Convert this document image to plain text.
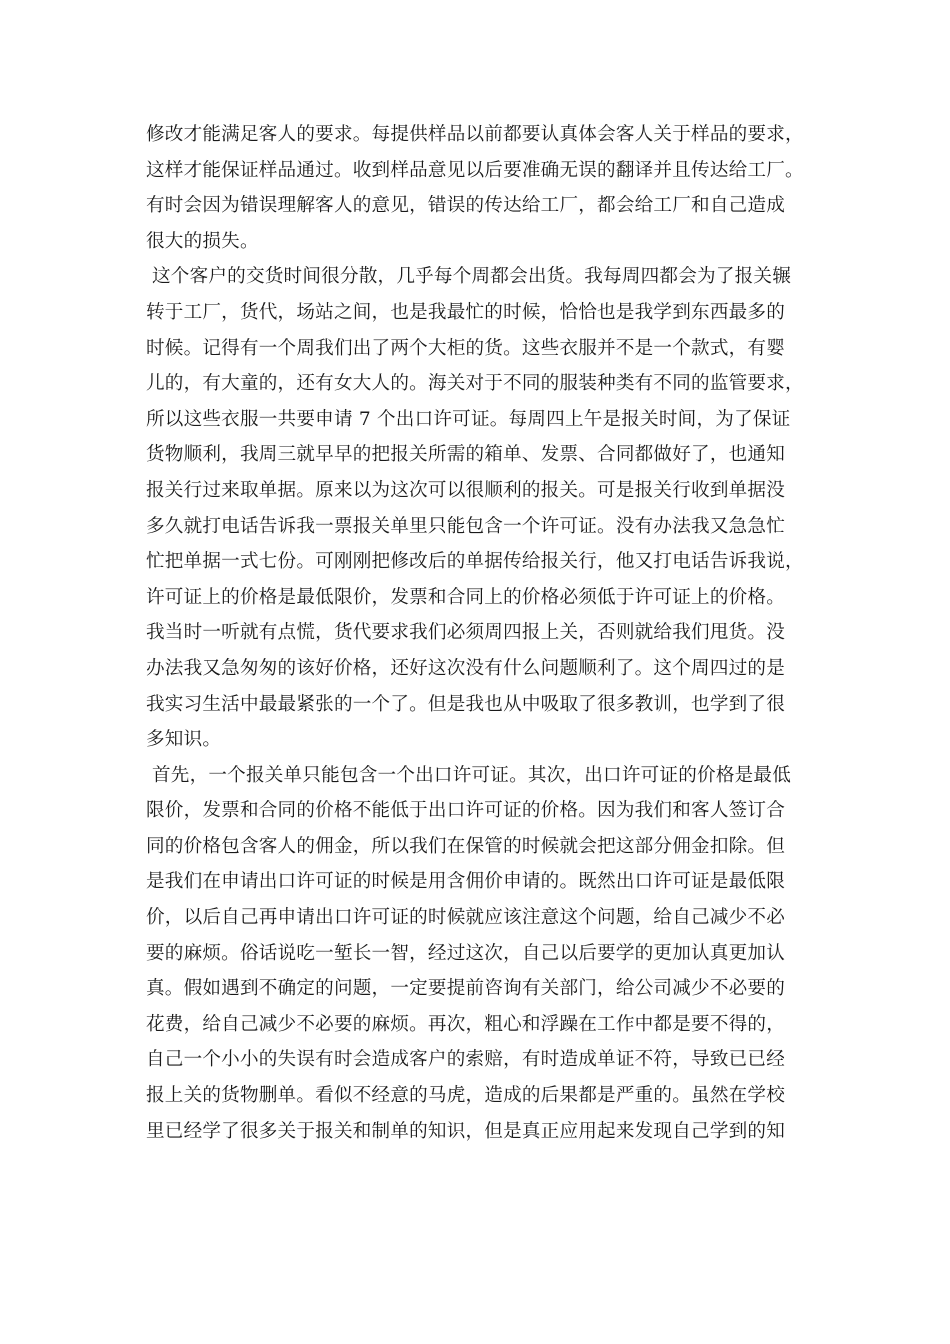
修改才能满足客人的要求。每提供样品以前都要认真体会客人关于样品的要求，
这样才能保证样品通过。收到样品意见以后要准确无误的翻译并且传达给工厂。
有时会因为错误理解客人的意见，错误的传达给工厂，都会给工厂和自己造成
很大的损失。
这个客户的交货时间很分散，几乎每个周都会出货。我每周四都会为了报关辗
转于工厂，货代，场站之间，也是我最忙的时候，恰恰也是我学到东西最多的
时候。记得有一个周我们出了两个大柜的货。这些衣服并不是一个款式，有婴
儿的，有大童的，还有女大人的。海关对于不同的服装种类有不同的监管要求，
所以这些衣服一共要申请 7 个出口许可证。每周四上午是报关时间，为了保证
货物顺利，我周三就早早的把报关所需的箱单、发票、合同都做好了，也通知
报关行过来取单据。原来以为这次可以很顺利的报关。可是报关行收到单据没
多久就打电话告诉我一票报关单里只能包含一个许可证。没有办法我又急急忙
忙把单据一式七份。可刚刚把修改后的单据传给报关行，他又打电话告诉我说，
许可证上的价格是最低限价，发票和合同上的价格必须低于许可证上的价格。
我当时一听就有点慌，货代要求我们必须周四报上关，否则就给我们甩货。没
办法我又急匆匆的该好价格，还好这次没有什么问题顺利了。这个周四过的是
我实习生活中最最紧张的一个了。但是我也从中吸取了很多教训，也学到了很
多知识。
首先，一个报关单只能包含一个出口许可证。其次，出口许可证的价格是最低
限价，发票和合同的价格不能低于出口许可证的价格。因为我们和客人签订合
同的价格包含客人的佣金，所以我们在保管的时候就会把这部分佣金扣除。但
是我们在申请出口许可证的时候是用含佣价申请的。既然出口许可证是最低限
价，以后自己再申请出口许可证的时候就应该注意这个问题，给自己减少不必
要的麻烦。俗话说吃一堑长一智，经过这次，自己以后要学的更加认真更加认
真。假如遇到不确定的问题，一定要提前咨询有关部门，给公司减少不必要的
花费，给自己减少不必要的麻烦。再次，粗心和浮躁在工作中都是要不得的，
自己一个小小的失误有时会造成客户的索赔，有时造成单证不符，导致已已经
报上关的货物删单。看似不经意的马虎，造成的后果都是严重的。虽然在学校
里已经学了很多关于报关和制单的知识，但是真正应用起来发现自己学到的知
